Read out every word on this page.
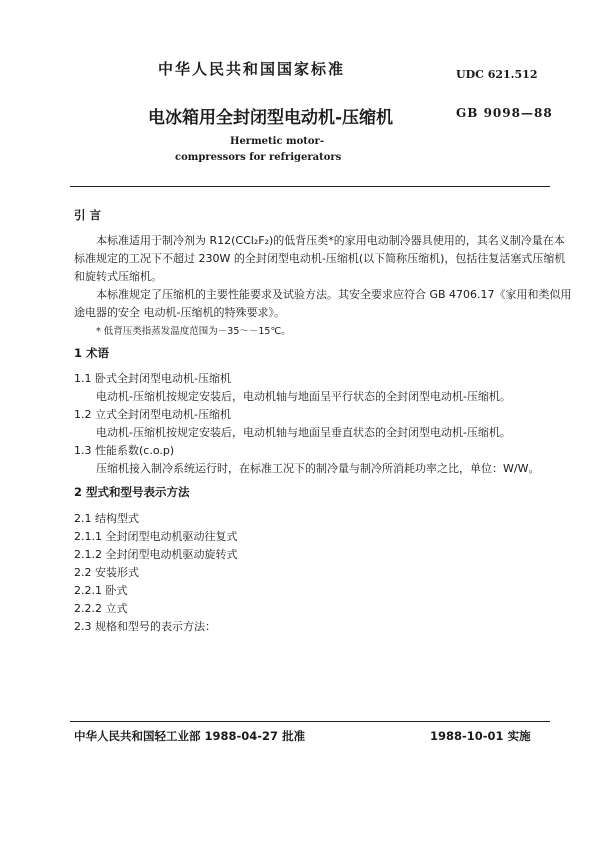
中华人民共和国国家标准	UDC 621.512
电冰箱用全封闭型电动机-压缩机	GB 9098—88
Hermetic motor-
compressors for refrigerators
引 言
本标准适用于制冷剂为 R12(CCl₂F₂)的低背压类*的家用电动制冷器具使用的，其名义制冷量在本
标准规定的工况下不超过 230W 的全封闭型电动机-压缩机(以下简称压缩机)，包括往复活塞式压缩机
和旋转式压缩机。
本标准规定了压缩机的主要性能要求及试验方法。其安全要求应符合 GB 4706.17《家用和类似用
途电器的安全 电动机-压缩机的特殊要求》。
* 低背压类指蒸发温度范围为－35～－15℃。
1 术语
1.1 卧式全封闭型电动机-压缩机
电动机-压缩机按规定安装后，电动机轴与地面呈平行状态的全封闭型电动机-压缩机。
1.2 立式全封闭型电动机-压缩机
电动机-压缩机按规定安装后，电动机轴与地面呈垂直状态的全封闭型电动机-压缩机。
1.3 性能系数(c.o.p)
压缩机接入制冷系统运行时，在标准工况下的制冷量与制冷所消耗功率之比，单位：W/W。
2 型式和型号表示方法
2.1 结构型式
2.1.1 全封闭型电动机驱动往复式
2.1.2 全封闭型电动机驱动旋转式
2.2 安装形式
2.2.1 卧式
2.2.2 立式
2.3 规格和型号的表示方法：
中华人民共和国轻工业部 1988-04-27 批准	1988-10-01 实施
